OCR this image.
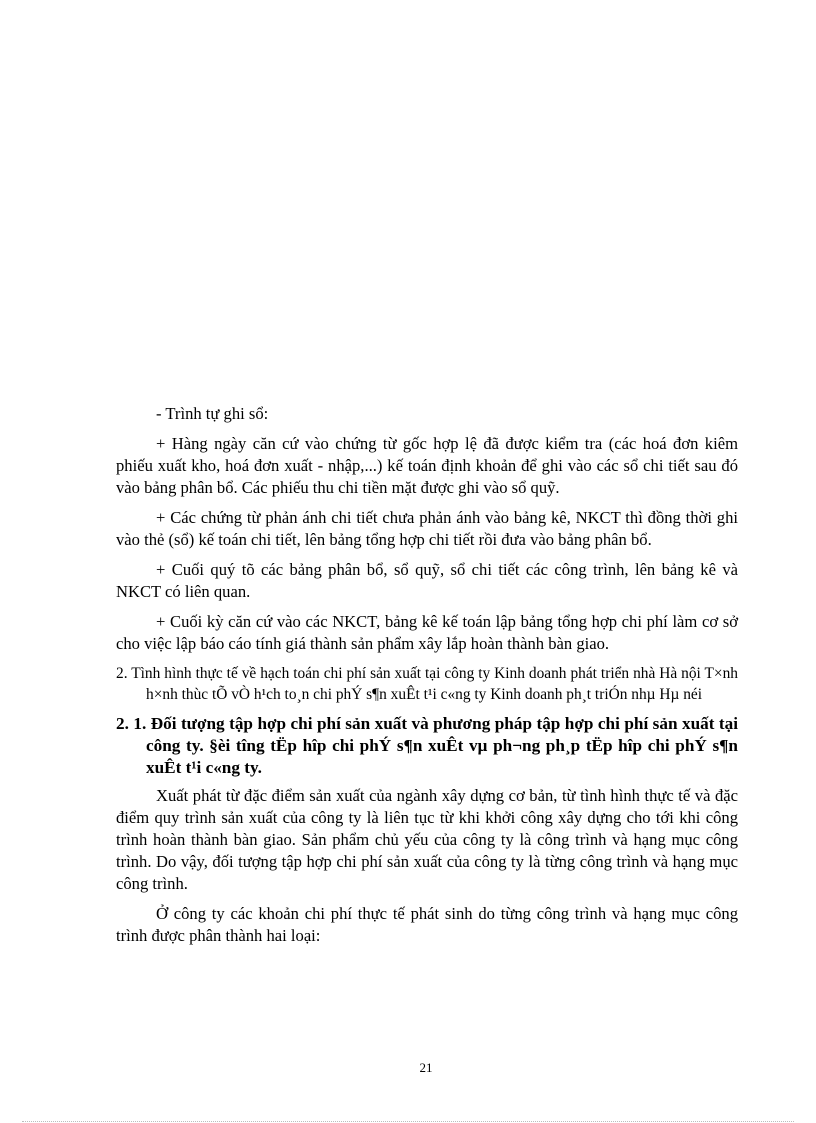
- Trình tự ghi sổ:

+ Hàng ngày căn cứ vào chứng từ gốc hợp lệ đã được kiểm tra (các hoá đơn kiêm phiếu xuất kho, hoá đơn xuất - nhập,...) kế toán định khoản để ghi vào các sổ chi tiết sau đó vào bảng phân bổ. Các phiếu thu chi tiền mặt được ghi vào sổ quỹ.

+ Các chứng từ phản ánh chi tiết chưa phản ánh vào bảng kê, NKCT thì đồng thời ghi vào thẻ (sổ) kế toán chi tiết, lên bảng tổng hợp chi tiết rồi đưa vào bảng phân bổ.

+ Cuối quý tõ các bảng phân bổ, sổ quỹ, sổ chi tiết các công trình, lên bảng kê và NKCT có liên quan.

+ Cuối kỳ căn cứ vào các NKCT, bảng kê kế toán lập bảng tổng hợp chi phí làm cơ sở cho việc lập báo cáo tính giá thành sản phẩm xây lắp hoàn thành bàn giao.

2. Tình hình thực tế về hạch toán chi phí sản xuất tại công ty Kinh doanh phát triển nhà Hà nội T×nh h×nh thùc tÕ vÒ h¹ch to¸n chi phÝ s¶n xuÊt t¹i c«ng ty Kinh doanh ph¸t triÓn nhµ Hµ néi

2. 1. Đối tượng tập hợp chi phí sản xuất và phương pháp tập hợp chi phí sản xuất tại công ty. §èi tîng tËp hîp chi phÝ s¶n xuÊt vµ ph¬ng ph¸p tËp hîp chi phÝ s¶n xuÊt t¹i c«ng ty.

Xuất phát từ đặc điểm sản xuất của ngành xây dựng cơ bản, từ tình hình thực tế và đặc điểm quy trình sản xuất của công ty là liên tục từ khi khởi công xây dựng cho tới khi công trình hoàn thành bàn giao. Sản phẩm chủ yếu của công ty là công trình và hạng mục công trình. Do vậy, đối tượng tập hợp chi phí sản xuất của công ty là từng công trình và hạng mục công trình.

Ở công ty các khoản chi phí thực tế phát sinh do từng công trình và hạng mục công trình được phân thành hai loại:

21
